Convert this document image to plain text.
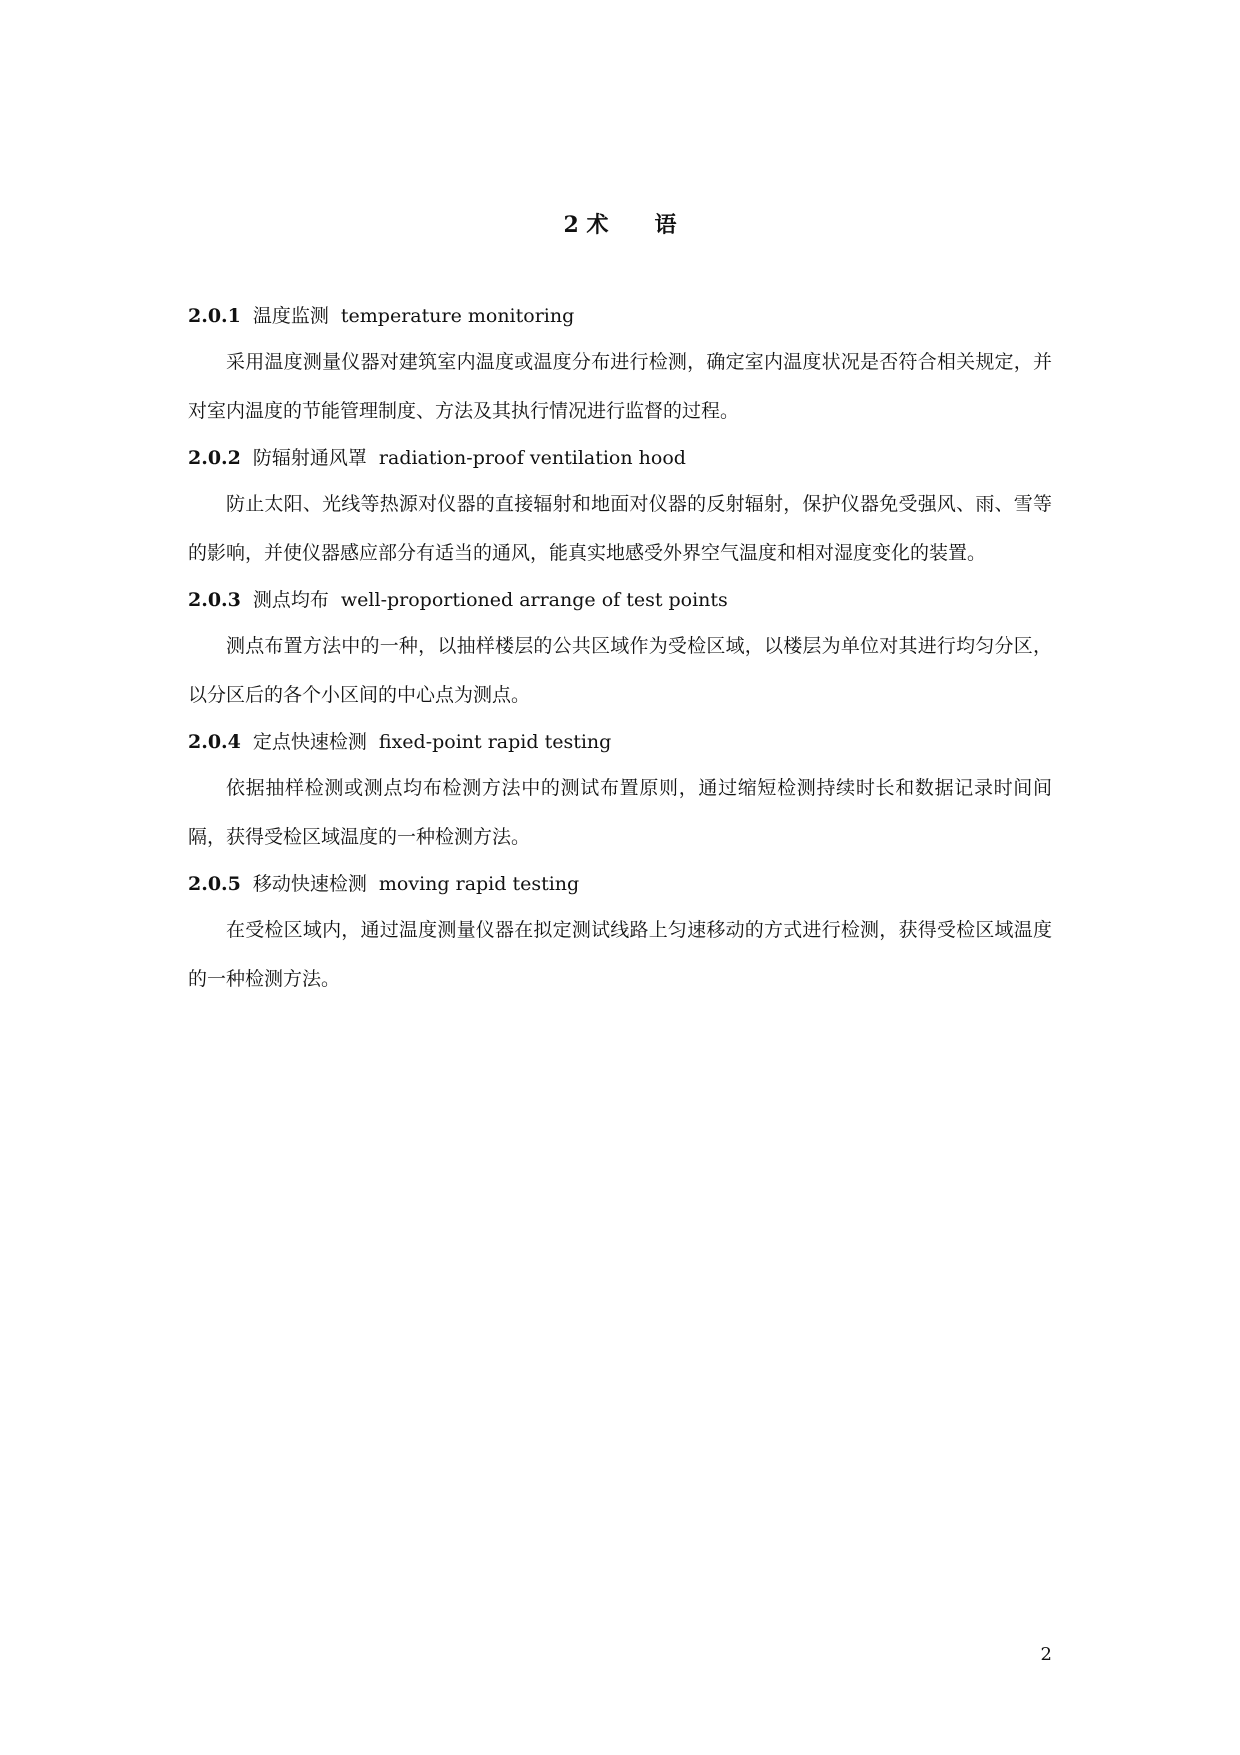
2 术 语

2.0.1 温度监测 temperature monitoring

采用温度测量仪器对建筑室内温度或温度分布进行检测，确定室内温度状况是否符合相关规定，并对室内温度的节能管理制度、方法及其执行情况进行监督的过程。

2.0.2 防辐射通风罩 radiation-proof ventilation hood

防止太阳、光线等热源对仪器的直接辐射和地面对仪器的反射辐射，保护仪器免受强风、雨、雪等的影响，并使仪器感应部分有适当的通风，能真实地感受外界空气温度和相对湿度变化的装置。

2.0.3 测点均布 well-proportioned arrange of test points

测点布置方法中的一种，以抽样楼层的公共区域作为受检区域，以楼层为单位对其进行均匀分区，以分区后的各个小区间的中心点为测点。

2.0.4 定点快速检测 fixed-point rapid testing

依据抽样检测或测点均布检测方法中的测试布置原则，通过缩短检测持续时长和数据记录时间间隔，获得受检区域温度的一种检测方法。

2.0.5 移动快速检测 moving rapid testing

在受检区域内，通过温度测量仪器在拟定测试线路上匀速移动的方式进行检测，获得受检区域温度的一种检测方法。

2
